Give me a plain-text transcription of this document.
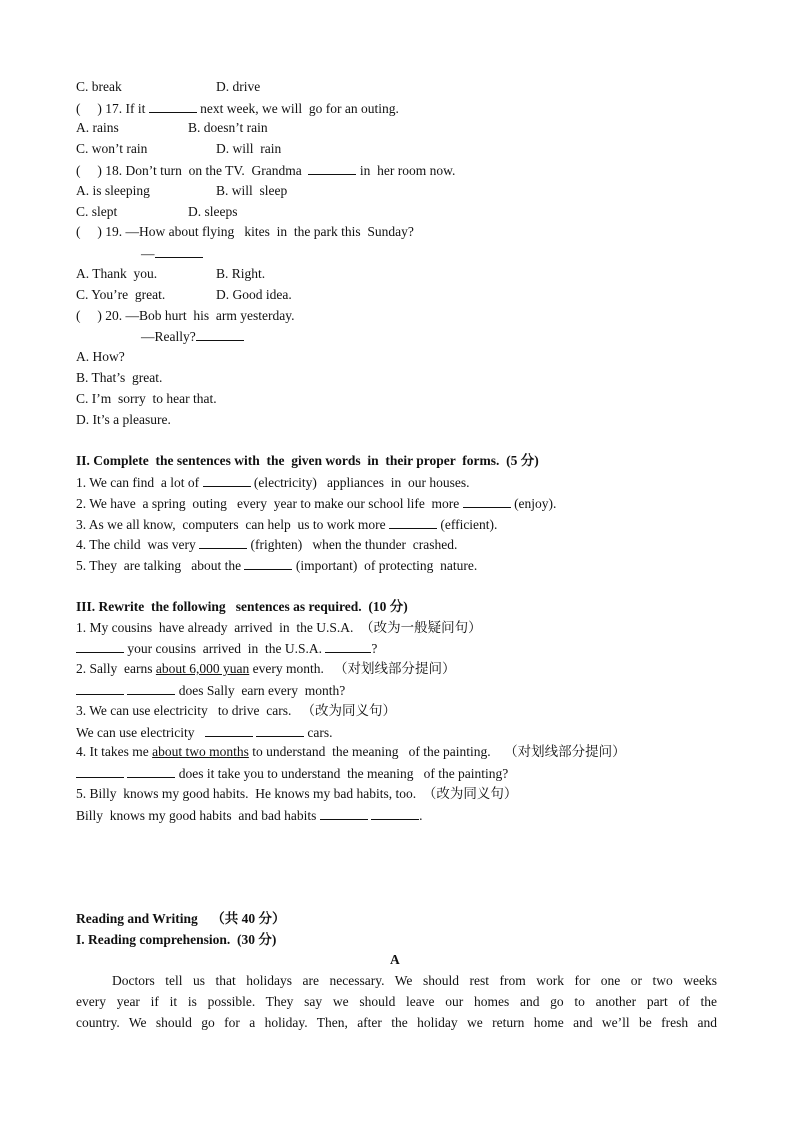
C. break	D. drive
(     ) 17. If it	next week, we will  go for an outing.
A. rains	B. doesn’t rain
C. won’t rain	D. will  rain
(     ) 18. Don’t turn  on the TV.  Grandma	in  her room now.
A. is sleeping	B. will  sleep
C. slept	D. sleeps
(     ) 19. —How about flying   kites  in  the park this  Sunday?
—
A. Thank  you.	B. Right.
C. You’re  great.	D. Good idea.
(     ) 20. —Bob hurt  his  arm yesterday.
—Really?
A. How?
B. That’s  great.
C. I’m  sorry  to hear that.
D. It’s a pleasure.
II. Complete  the sentences with  the  given words  in  their proper  forms.  (5 分)
1. We can find  a lot of	(electricity)   appliances  in  our houses.
2. We have  a spring  outing   every  year to make our school life  more	(enjoy).
3. As we all know,  computers  can help  us to work more	(efficient).
4. The child  was very	(frighten)   when the thunder  crashed.
5. They  are talking   about the	(important)  of protecting  nature.
III. Rewrite  the following   sentences as required.  (10 分)
1. My cousins  have already  arrived  in  the U.S.A.  （改为一般疑问句）
your cousins  arrived  in  the U.S.A.	?
2. Sally  earns about 6,000 yuan every month.   （对划线部分提问）
does Sally  earn every  month?
3. We can use electricity   to drive  cars.   （改为同义句）
We can use electricity	cars.
4. It takes me about two months to understand  the meaning   of the painting.    （对划线部分提问）
does it take you to understand  the meaning   of the painting?
5. Billy  knows my good habits.  He knows my bad habits, too.  （改为同义句）
Billy  knows my good habits  and bad habits	.
Reading and Writing    （共 40 分）
I. Reading comprehension.  (30 分)
A
Doctors tell us that holidays are necessary. We should rest from work for one or two weeks
every year if it is possible. They say we should leave our homes and go to another part of the
country. We should go for a holiday. Then, after the holiday we return home and we’ll be fresh and
